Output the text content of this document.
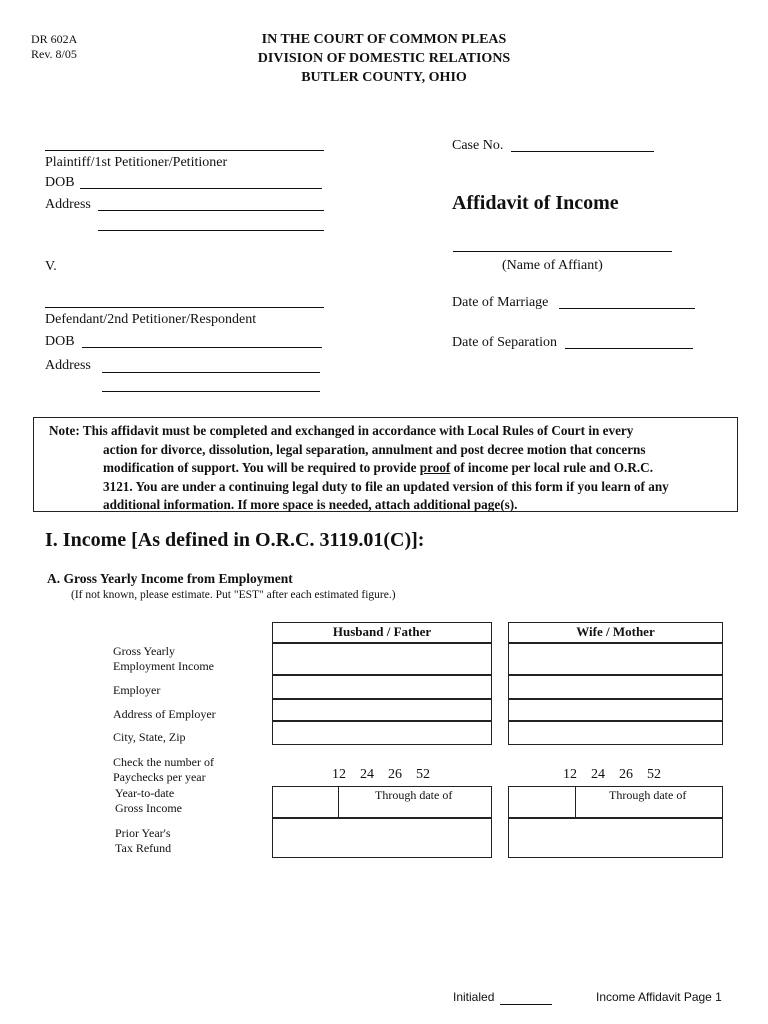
DR 602A
Rev. 8/05
IN THE COURT OF COMMON PLEAS
DIVISION OF DOMESTIC RELATIONS
BUTLER COUNTY, OHIO
Plaintiff/1st Petitioner/Petitioner
DOB
Address
V.
Defendant/2nd Petitioner/Respondent
DOB
Address
Case No.
Affidavit of Income
(Name of Affiant)
Date of Marriage
Date of Separation
Note: This affidavit must be completed and exchanged in accordance with Local Rules of Court in every
action for divorce, dissolution, legal separation, annulment and post decree motion that concerns
modification of support. You will be required to provide proof of income per local rule and O.R.C.
3121. You are under a continuing legal duty to file an updated version of this form if you learn of any
additional information. If more space is needed, attach additional page(s).
I. Income [As defined in O.R.C. 3119.01(C)]:
A. Gross Yearly Income from Employment
(If not known, please estimate. Put "EST" after each estimated figure.)
Gross Yearly
Employment Income
Employer
Address of Employer
City, State, Zip
Check the number of
Paychecks per year
Year-to-date
Gross Income
Prior Year's
Tax Refund
Husband / Father
12 24 26 52
Through date of
Wife / Mother
12 24 26 52
Through date of
Initialed	Income Affidavit Page 1
